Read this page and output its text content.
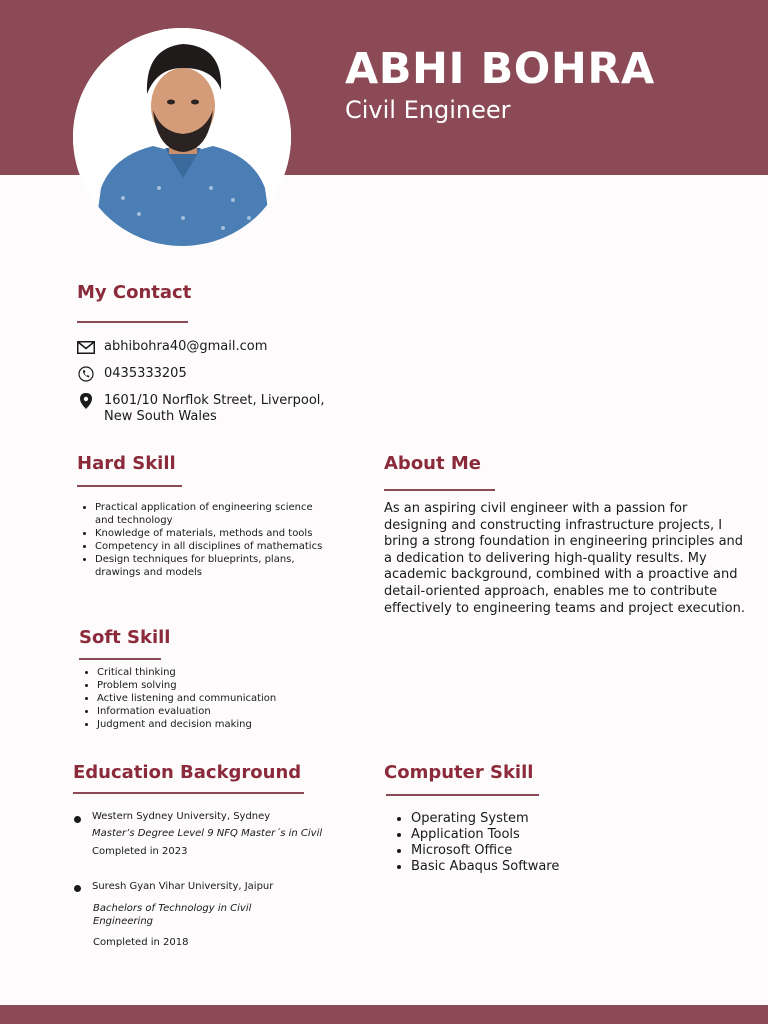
ABHI BOHRA
Civil Engineer
My Contact
abhibohra40@gmail.com
0435333205
1601/10 Norflok Street, Liverpool,
New South Wales
Hard Skill
• Practical application of engineering science and technology
• Knowledge of materials, methods and tools
• Competency in all disciplines of mathematics
• Design techniques for blueprints, plans, drawings and models
Soft Skill
• Critical thinking
• Problem solving
• Active listening and communication
• Information evaluation
• Judgment and decision making
About Me
As an aspiring civil engineer with a passion for designing and constructing infrastructure projects, I bring a strong foundation in engineering principles and a dedication to delivering high-quality results. My academic background, combined with a proactive and detail-oriented approach, enables me to contribute effectively to engineering teams and project execution.
Education Background
Western Sydney University, Sydney
Master’s Degree Level 9 NFQ Master´s in Civil
Completed in 2023
Suresh Gyan Vihar University, Jaipur
Bachelors of Technology in Civil Engineering
Completed in 2018
Computer Skill
• Operating System
• Application Tools
• Microsoft Office
• Basic Abaqus Software
